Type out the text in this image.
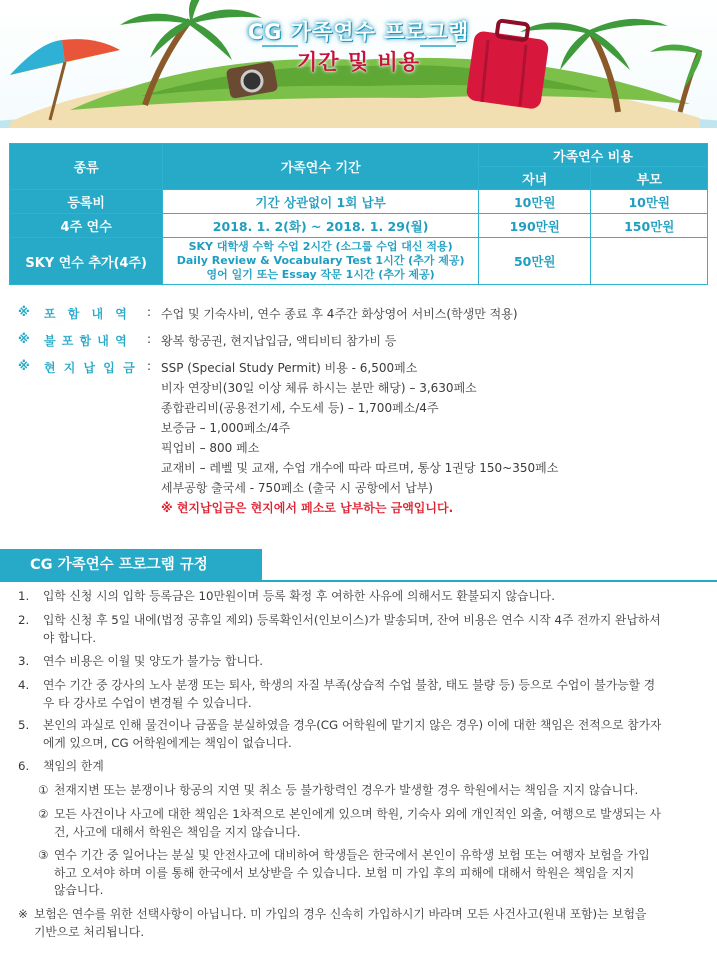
CG 가족연수 프로그램
기간 및 비용
종류	가족연수 기간	가족연수 비용	
		자녀	부모
등록비	기간 상관없이 1회 납부	10만원	10만원
4주 연수	2018. 1. 2(화) ~ 2018. 1. 29(월)	190만원	150만원
SKY 연수 추가(4주)	SKY 대학생 수학 수업 2시간 (소그룹 수업 대신 적용)
Daily Review & Vocabulary Test 1시간 (추가 제공)
영어 일기 또는 Essay 작문 1시간 (추가 제공)	50만원	
※ 포 함 내 역	: 수업 및 기숙사비, 연수 종료 후 4주간 화상영어 서비스(학생만 적용)
※ 불 포 함 내 역	: 왕복 항공권, 현지납입금, 액티비티 참가비 등
※ 현 지 납 입 금 : SSP (Special Study Permit) 비용 - 6,500페소
비자 연장비(30일 이상 체류 하시는 분만 해당) – 3,630페소
종합관리비(공용전기세, 수도세 등) – 1,700페소/4주
보증금 – 1,000페소/4주
픽업비 – 800 페소
교재비 – 레벨 및 교재, 수업 개수에 따라 따르며, 통상 1권당 150~350페소
세부공항 출국세 - 750페소 (출국 시 공항에서 납부)
※ 현지납입금은 현지에서 페소로 납부하는 금액입니다.
CG 가족연수 프로그램 규정
1. 입학 신청 시의 입학 등록금은 10만원이며 등록 확정 후 여하한 사유에 의해서도 환불되지 않습니다.
2. 입학 신청 후 5일 내에(법정 공휴일 제외) 등록확인서(인보이스)가 발송되며, 잔여 비용은 연수 시작 4주 전까지 완납하셔
야 합니다.
3. 연수 비용은 이월 및 양도가 불가능 합니다.
4. 연수 기간 중 강사의 노사 분쟁 또는 퇴사, 학생의 자질 부족(상습적 수업 불참, 태도 불량 등) 등으로 수업이 불가능할 경
우 타 강사로 수업이 변경될 수 있습니다.
5. 본인의 과실로 인해 물건이나 금품을 분실하였을 경우(CG 어학원에 맡기지 않은 경우) 이에 대한 책임은 전적으로 참가자
에게 있으며, CG 어학원에게는 책임이 없습니다.
6. 책임의 한계
① 천재지변 또는 분쟁이나 항공의 지연 및 취소 등 불가항력인 경우가 발생할 경우 학원에서는 책임을 지지 않습니다.
② 모든 사건이나 사고에 대한 책임은 1차적으로 본인에게 있으며 학원, 기숙사 외에 개인적인 외출, 여행으로 발생되는 사
건, 사고에 대해서 학원은 책임을 지지 않습니다.
③ 연수 기간 중 일어나는 분실 및 안전사고에 대비하여 학생들은 한국에서 본인이 유학생 보험 또는 여행자 보험을 가입
하고 오셔야 하며 이를 통해 한국에서 보상받을 수 있습니다. 보험 미 가입 후의 피해에 대해서 학원은 책임을 지지
않습니다.
※ 보험은 연수를 위한 선택사항이 아닙니다. 미 가입의 경우 신속히 가입하시기 바라며 모든 사건사고(원내 포함)는 보험을
기반으로 처리됩니다.
